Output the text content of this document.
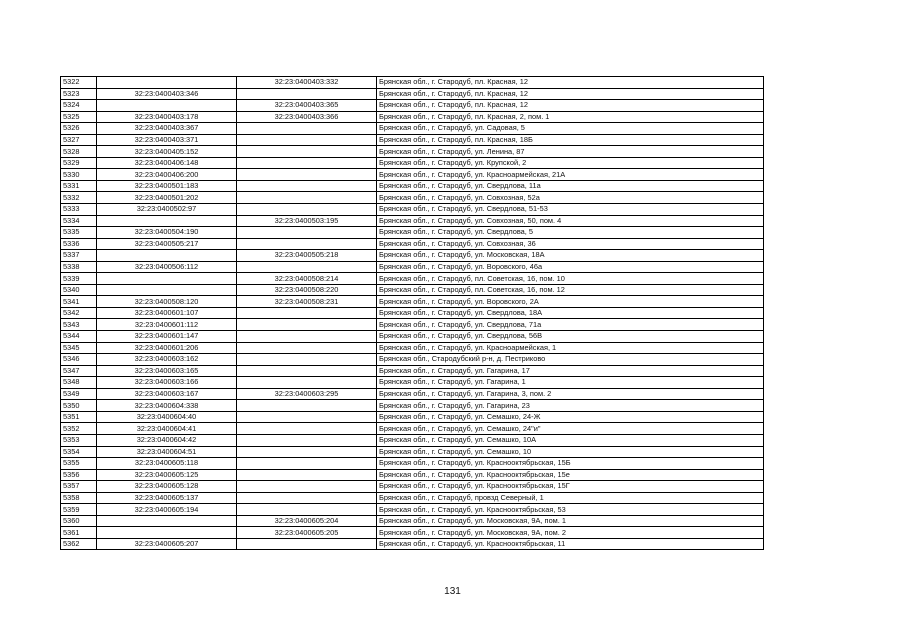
5322		32:23:0400403:332	Брянская обл., г. Стародуб, пл. Красная, 12
5323	32:23:0400403:346		Брянская обл., г. Стародуб, пл. Красная, 12
5324		32:23:0400403:365	Брянская обл., г. Стародуб, пл. Красная, 12
5325	32:23:0400403:178	32:23:0400403:366	Брянская обл., г. Стародуб, пл. Красная, 2, пом. 1
5326	32:23:0400403:367		Брянская обл., г. Стародуб, ул. Садовая, 5
5327	32:23:0400403:371		Брянская обл., г. Стародуб, пл. Красная, 18Б
5328	32:23:0400405:152		Брянская обл., г. Стародуб, ул. Ленина, 87
5329	32:23:0400406:148		Брянская обл., г. Стародуб, ул. Крупской, 2
5330	32:23:0400406:200		Брянская обл., г. Стародуб, ул. Красноармейская, 21А
5331	32:23:0400501:183		Брянская обл., г. Стародуб, ул. Свердлова, 11а
5332	32:23:0400501:202		Брянская обл., г. Стародуб, ул. Совхозная, 52а
5333	32:23:0400502:97		Брянская обл., г. Стародуб, ул. Свердлова, 51-53
5334		32:23:0400503:195	Брянская обл., г. Стародуб, ул. Совхозная, 50, пом. 4
5335	32:23:0400504:190		Брянская обл., г. Стародуб, ул. Свердлова, 5
5336	32:23:0400505:217		Брянская обл., г. Стародуб, ул. Совхозная, 36
5337		32:23:0400505:218	Брянская обл., г. Стародуб, ул. Московская, 18А
5338	32:23:0400506:112		Брянская обл., г. Стародуб, ул. Воровского, 46а
5339		32:23:0400508:214	Брянская обл., г. Стародуб, пл. Советская, 16, пом. 10
5340		32:23:0400508:220	Брянская обл., г. Стародуб, пл. Советская, 16, пом. 12
5341	32:23:0400508:120	32:23:0400508:231	Брянская обл., г. Стародуб, ул. Воровского, 2А
5342	32:23:0400601:107		Брянская обл., г. Стародуб, ул. Свердлова, 18А
5343	32:23:0400601:112		Брянская обл., г. Стародуб, ул. Свердлова, 71а
5344	32:23:0400601:147		Брянская обл., г. Стародуб, ул. Свердлова, 56В
5345	32:23:0400601:206		Брянская обл., г. Стародуб, ул. Красноармейская, 1
5346	32:23:0400603:162		Брянская обл., Стародубский р-н, д. Пестриково
5347	32:23:0400603:165		Брянская обл., г. Стародуб, ул. Гагарина, 17
5348	32:23:0400603:166		Брянская обл., г. Стародуб, ул. Гагарина, 1
5349	32:23:0400603:167	32:23:0400603:295	Брянская обл., г. Стародуб, ул. Гагарина, 3, пом. 2
5350	32:23:0400604:338		Брянская обл., г. Стародуб, ул. Гагарина, 23
5351	32:23:0400604:40		Брянская обл., г. Стародуб, ул. Семашко, 24-Ж
5352	32:23:0400604:41		Брянская обл., г. Стародуб, ул. Семашко, 24"и"
5353	32:23:0400604:42		Брянская обл., г. Стародуб, ул. Семашко, 10А
5354	32:23:0400604:51		Брянская обл., г. Стародуб, ул. Семашко, 10
5355	32:23:0400605:118		Брянская обл., г. Стародуб, ул. Краснооктябрьская, 15Б
5356	32:23:0400605:125		Брянская обл., г. Стародуб, ул. Краснооктябрьская, 15е
5357	32:23:0400605:128		Брянская обл., г. Стародуб, ул. Краснооктябрьская, 15Г
5358	32:23:0400605:137		Брянская обл., г. Стародуб, провзд Северный, 1
5359	32:23:0400605:194		Брянская обл., г. Стародуб, ул. Краснооктябрьская, 53
5360		32:23:0400605:204	Брянская обл., г. Стародуб, ул. Московская, 9А, пом. 1
5361		32:23:0400605:205	Брянская обл., г. Стародуб, ул. Московская, 9А, пом. 2
5362	32:23:0400605:207		Брянская обл., г. Стародуб, ул. Краснооктябрьская, 11
131
